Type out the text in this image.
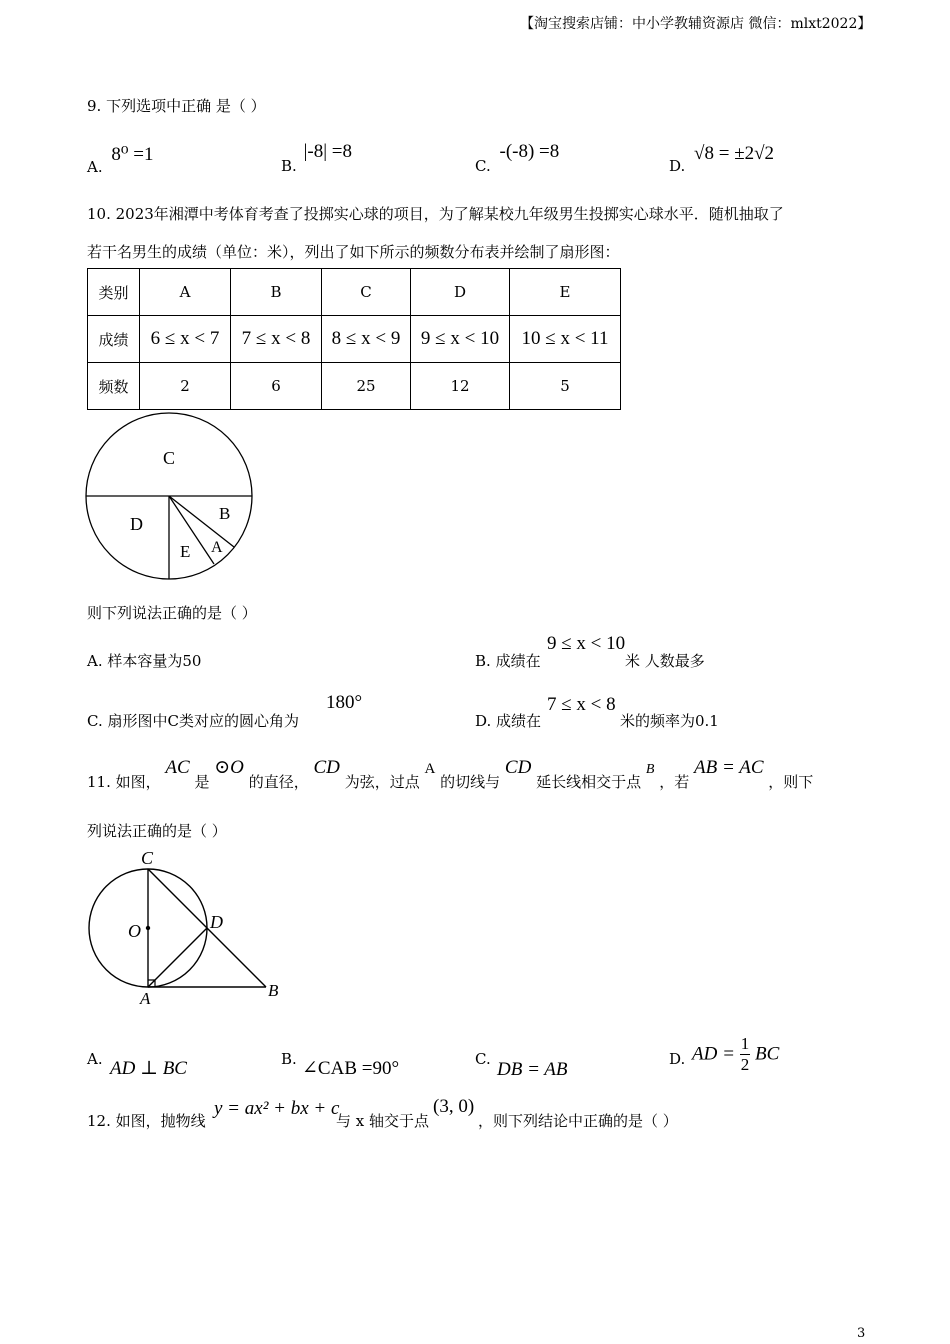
【淘宝搜索店铺：中小学教辅资源店 微信：mlxt2022】
9. 下列选项中正确 是（ ）
A. 8⁰ =1
B. |-8| =8
C. -(-8) =8
D. √8 = ±2√2
10. 2023年湘潭中考体育考查了投掷实心球的项目，为了解某校九年级男生投掷实心球水平．随机抽取了
若干名男生的成绩（单位：米），列出了如下所示的频数分布表并绘制了扇形图：
类别	A	B	C	D	E
成绩	6 ≤ x < 7	7 ≤ x < 8	8 ≤ x < 9	9 ≤ x < 10	10 ≤ x < 11
频数	2	6	25	12	5
C
D
B
E A
则下列说法正确的是（ ）
A. 样本容量为50	B. 成绩在
9 ≤ x < 10
米 人数最多
C. 扇形图中C类对应的圆心角为
180°
D. 成绩在
7 ≤ x < 8
米的频率为0.1
11. 如图， AC 是 ⊙O 的直径， CD 为弦，过点 A 的切线与 CD 延长线相交于点 B ，若 AB = AC ，则下
列说法正确的是（ ）
C
O	D
A	B
A. AD ⊥ BC	B. ∠CAB =90°	C. DB = AB	D. AD = $\frac{1}{2}$ BC
12. 如图，抛物线
y = ax² + bx + c
与 x 轴交于点
(3, 0)
，则下列结论中正确的是（ ）
3
